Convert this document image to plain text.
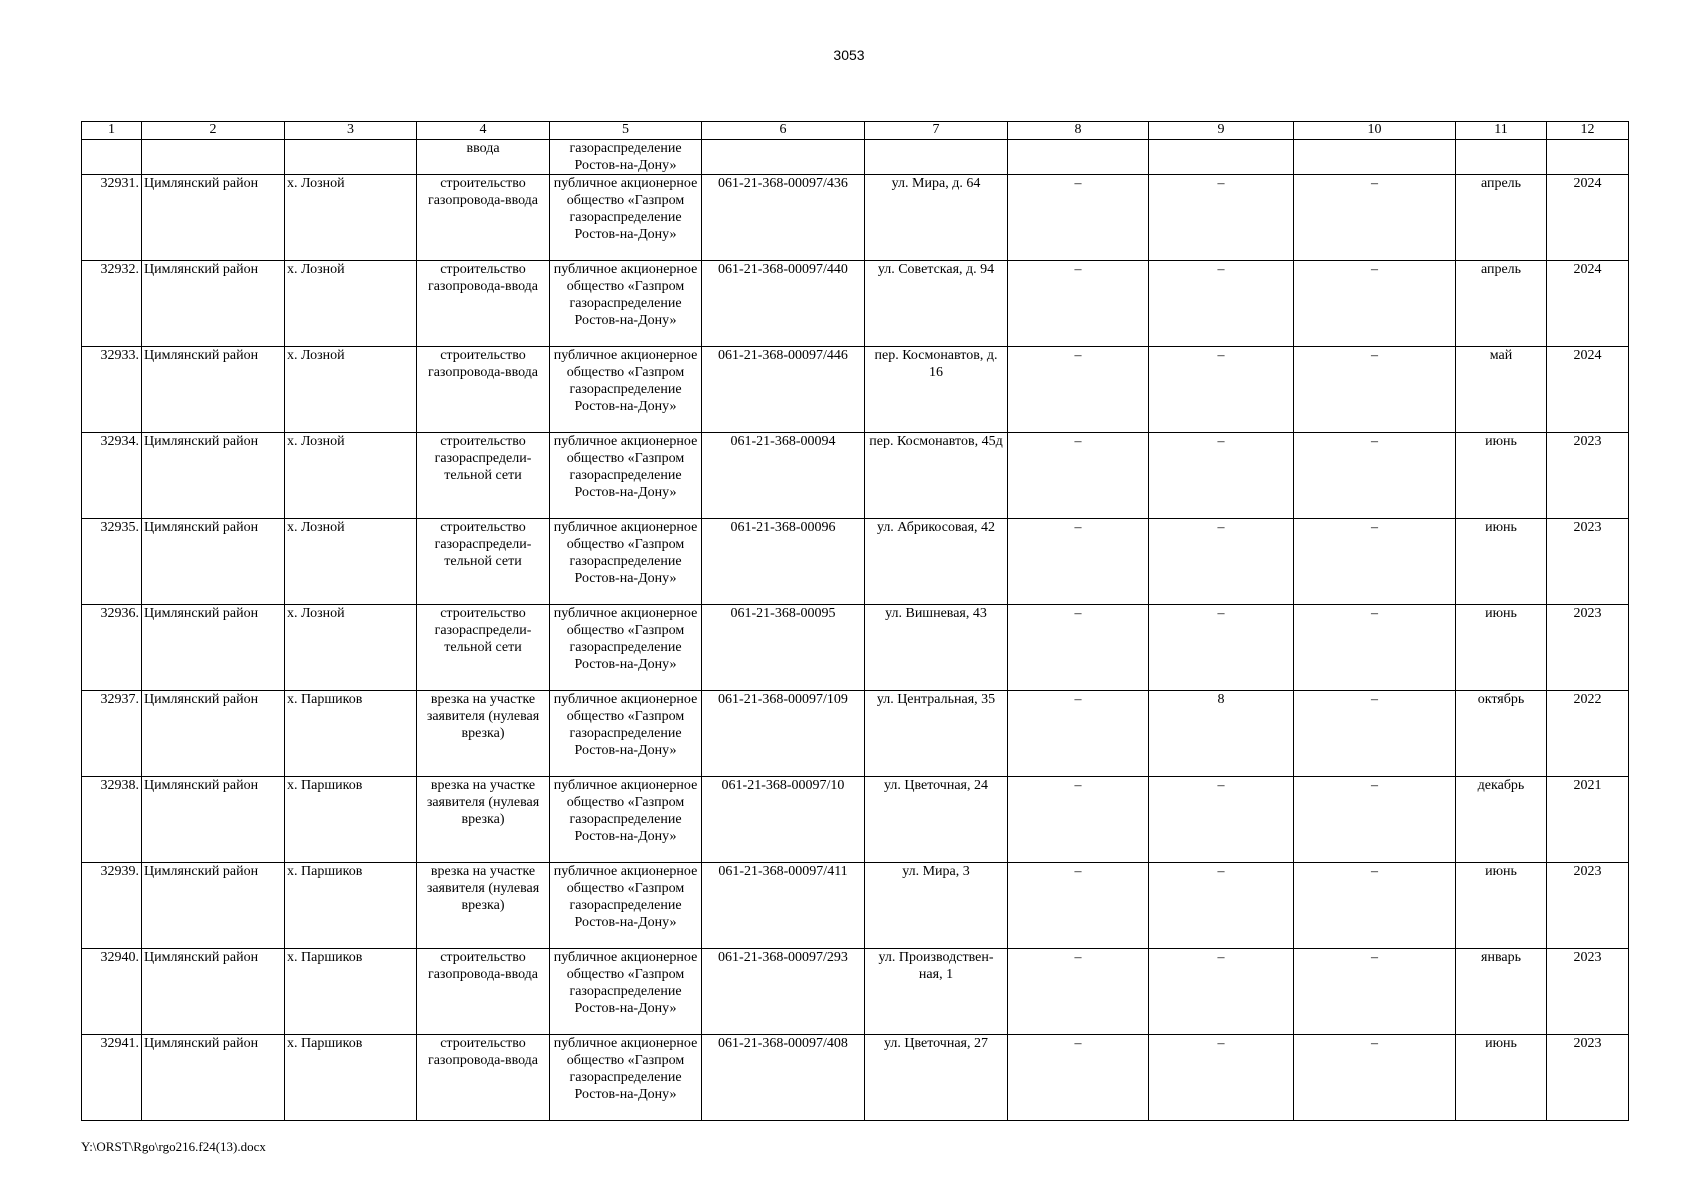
3053
1	2	3	4	5	6	7	8	9	10	11	12
			ввода	газораспределение Ростов-на-Дону»							
32931.	Цимлянский район	х. Лозной	строительство газопровода-ввода	публичное акционерное общество «Газпром газораспределение Ростов-на-Дону»	061-21-368-00097/436	ул. Мира, д. 64	–	–	–	апрель	2024
32932.	Цимлянский район	х. Лозной	строительство газопровода-ввода	публичное акционерное общество «Газпром газораспределение Ростов-на-Дону»	061-21-368-00097/440	ул. Советская, д. 94	–	–	–	апрель	2024
32933.	Цимлянский район	х. Лозной	строительство газопровода-ввода	публичное акционерное общество «Газпром газораспределение Ростов-на-Дону»	061-21-368-00097/446	пер. Космонавтов, д. 16	–	–	–	май	2024
32934.	Цимлянский район	х. Лозной	строительство газораспредели-тельной сети	публичное акционерное общество «Газпром газораспределение Ростов-на-Дону»	061-21-368-00094	пер. Космонавтов, 45д	–	–	–	июнь	2023
32935.	Цимлянский район	х. Лозной	строительство газораспредели-тельной сети	публичное акционерное общество «Газпром газораспределение Ростов-на-Дону»	061-21-368-00096	ул. Абрикосовая, 42	–	–	–	июнь	2023
32936.	Цимлянский район	х. Лозной	строительство газораспредели-тельной сети	публичное акционерное общество «Газпром газораспределение Ростов-на-Дону»	061-21-368-00095	ул. Вишневая, 43	–	–	–	июнь	2023
32937.	Цимлянский район	х. Паршиков	врезка на участке заявителя (нулевая врезка)	публичное акционерное общество «Газпром газораспределение Ростов-на-Дону»	061-21-368-00097/109	ул. Центральная, 35	–	8	–	октябрь	2022
32938.	Цимлянский район	х. Паршиков	врезка на участке заявителя (нулевая врезка)	публичное акционерное общество «Газпром газораспределение Ростов-на-Дону»	061-21-368-00097/10	ул. Цветочная, 24	–	–	–	декабрь	2021
32939.	Цимлянский район	х. Паршиков	врезка на участке заявителя (нулевая врезка)	публичное акционерное общество «Газпром газораспределение Ростов-на-Дону»	061-21-368-00097/411	ул. Мира, 3	–	–	–	июнь	2023
32940.	Цимлянский район	х. Паршиков	строительство газопровода-ввода	публичное акционерное общество «Газпром газораспределение Ростов-на-Дону»	061-21-368-00097/293	ул. Производствен-ная, 1	–	–	–	январь	2023
32941.	Цимлянский район	х. Паршиков	строительство газопровода-ввода	публичное акционерное общество «Газпром газораспределение Ростов-на-Дону»	061-21-368-00097/408	ул. Цветочная, 27	–	–	–	июнь	2023
Y:\ORST\Rgo\rgo216.f24(13).docx
